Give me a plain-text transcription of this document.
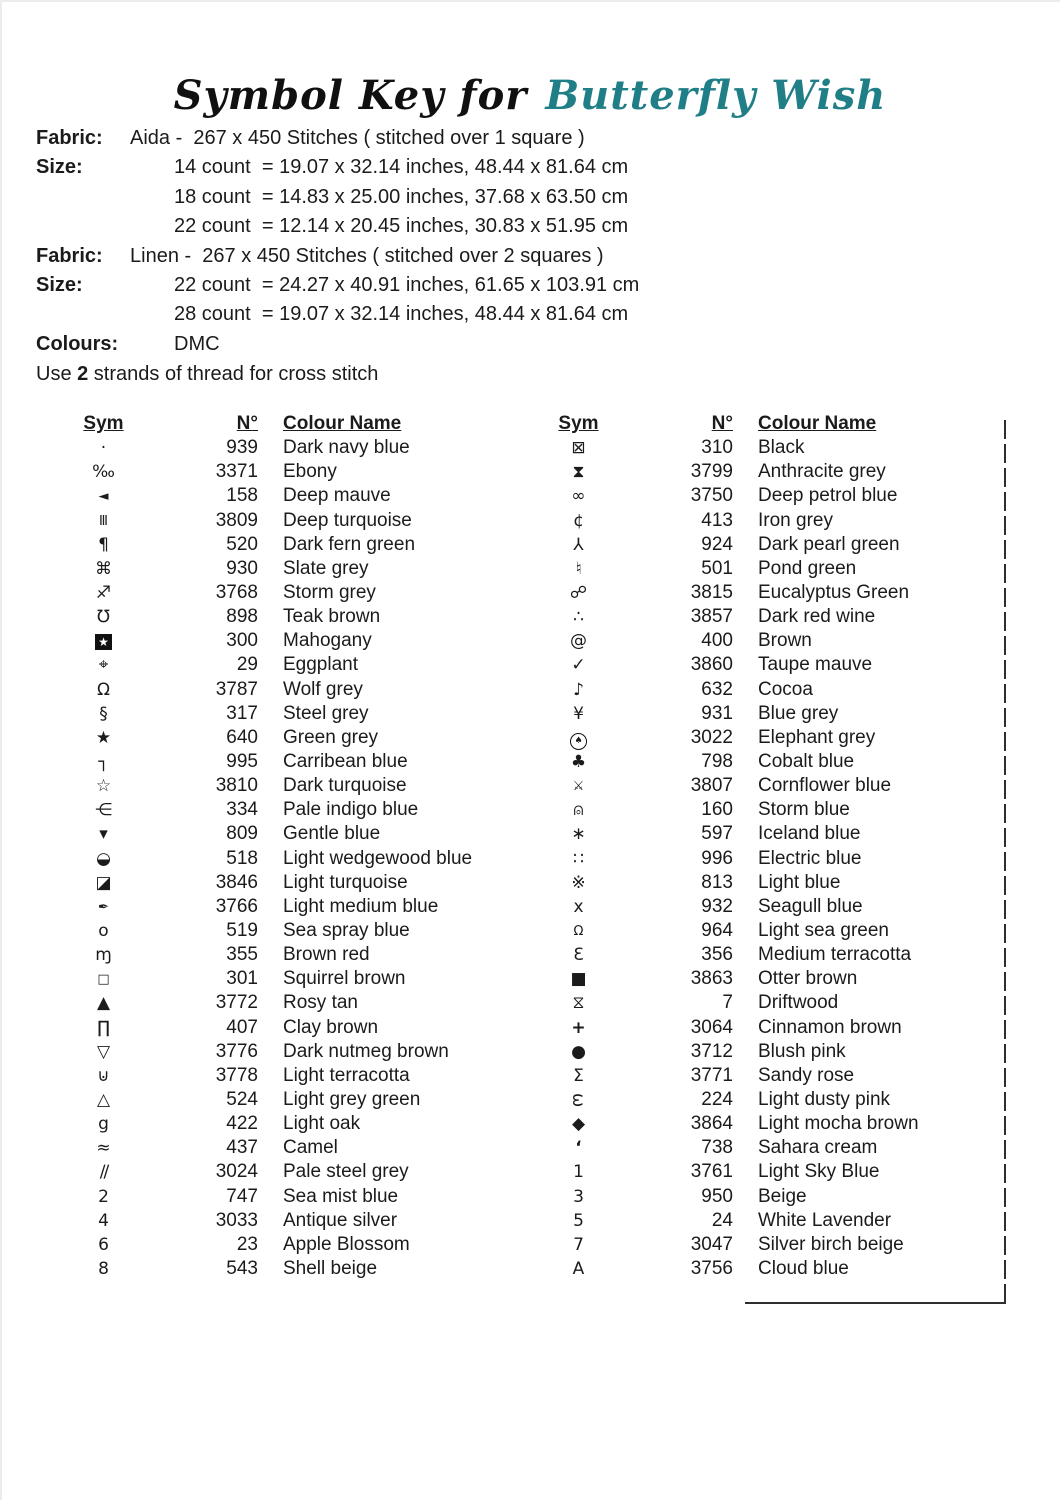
Symbol Key for Butterfly Wish
Fabric:	Aida -  267 x 450 Stitches ( stitched over 1 square )
Size:	14 count  = 19.07 x 32.14 inches, 48.44 x 81.64 cm
18 count  = 14.83 x 25.00 inches, 37.68 x 63.50 cm
22 count  = 12.14 x 20.45 inches, 30.83 x 51.95 cm
Fabric:	Linen -  267 x 450 Stitches ( stitched over 2 squares )
Size:	22 count  = 24.27 x 40.91 inches, 61.65 x 103.91 cm
28 count  = 19.07 x 32.14 inches, 48.44 x 81.64 cm
Colours:	DMC
Use 2 strands of thread for cross stitch
Sym	N°	Colour Name
·	939	Dark navy blue
‰	3371	Ebony
◄	158	Deep mauve
Ⅲ	3809	Deep turquoise
¶	520	Dark fern green
⌘	930	Slate grey
♐	3768	Storm grey
℧	898	Teak brown
★	300	Mahogany
⌖	29	Eggplant
Ω	3787	Wolf grey
§	317	Steel grey
★	640	Green grey
┐	995	Carribean blue
☆	3810	Dark turquoise
⋲	334	Pale indigo blue
▾	809	Gentle blue
◒	518	Light wedgewood blue
◪	3846	Light turquoise
✒	3766	Light medium blue
o	519	Sea spray blue
ɱ	355	Brown red
□	301	Squirrel brown
▲	3772	Rosy tan
∏	407	Clay brown
▽	3776	Dark nutmeg brown
⊍	3778	Light terracotta
△	524	Light grey green
g	422	Light oak
≈	437	Camel
∕∕	3024	Pale steel grey
2	747	Sea mist blue
4	3033	Antique silver
6	23	Apple Blossom
8	543	Shell beige
Sym	N°	Colour Name
⊠	310	Black
⧗	3799	Anthracite grey
∞	3750	Deep petrol blue
¢	413	Iron grey
⅄	924	Dark pearl green
♮	501	Pond green
☍	3815	Eucalyptus Green
∴	3857	Dark red wine
@	400	Brown
✓	3860	Taupe mauve
♪	632	Cocoa
¥	931	Blue grey
♠	3022	Elephant grey
♣	798	Cobalt blue
⚔	3807	Cornflower blue
⍝	160	Storm blue
∗	597	Iceland blue
∷	996	Electric blue
※	813	Light blue
x	932	Seagull blue
Ω	964	Light sea green
Ɛ	356	Medium terracotta
■	3863	Otter brown
⧖	7	Driftwood
+	3064	Cinnamon brown
●	3712	Blush pink
Σ	3771	Sandy rose
ω	224	Light dusty pink
◆	3864	Light mocha brown
‘	738	Sahara cream
1	3761	Light Sky Blue
3	950	Beige
5	24	White Lavender
7	3047	Silver birch beige
A	3756	Cloud blue
